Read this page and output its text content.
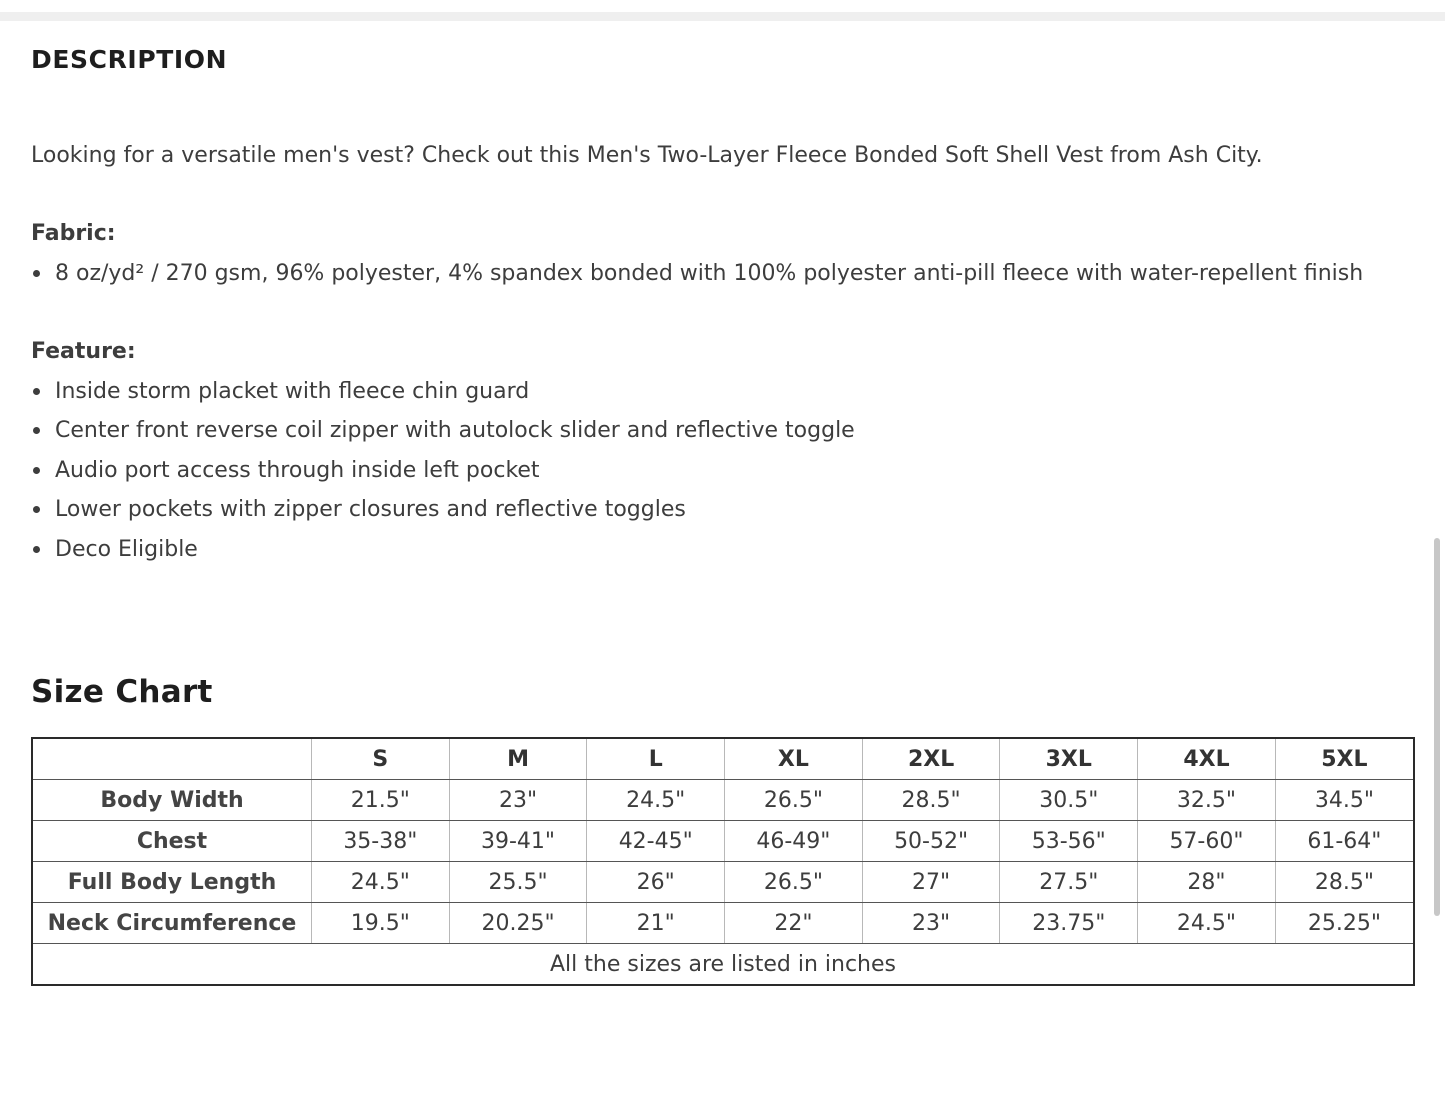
DESCRIPTION

Looking for a versatile men's vest? Check out this Men's Two-Layer Fleece Bonded Soft Shell Vest from Ash City.

Fabric:
8 oz/yd² / 270 gsm, 96% polyester, 4% spandex bonded with 100% polyester anti-pill fleece with water-repellent finish
Feature:
Inside storm placket with fleece chin guard
Center front reverse coil zipper with autolock slider and reflective toggle
Audio port access through inside left pocket
Lower pockets with zipper closures and reflective toggles
Deco Eligible
Size Chart
	S	M	L	XL	2XL	3XL	4XL	5XL
Body Width	21.5"	23"	24.5"	26.5"	28.5"	30.5"	32.5"	34.5"
Chest	35-38"	39-41"	42-45"	46-49"	50-52"	53-56"	57-60"	61-64"
Full Body Length	24.5"	25.5"	26"	26.5"	27"	27.5"	28"	28.5"
Neck Circumference	19.5"	20.25"	21"	22"	23"	23.75"	24.5"	25.25"
All the sizes are listed in inches								
